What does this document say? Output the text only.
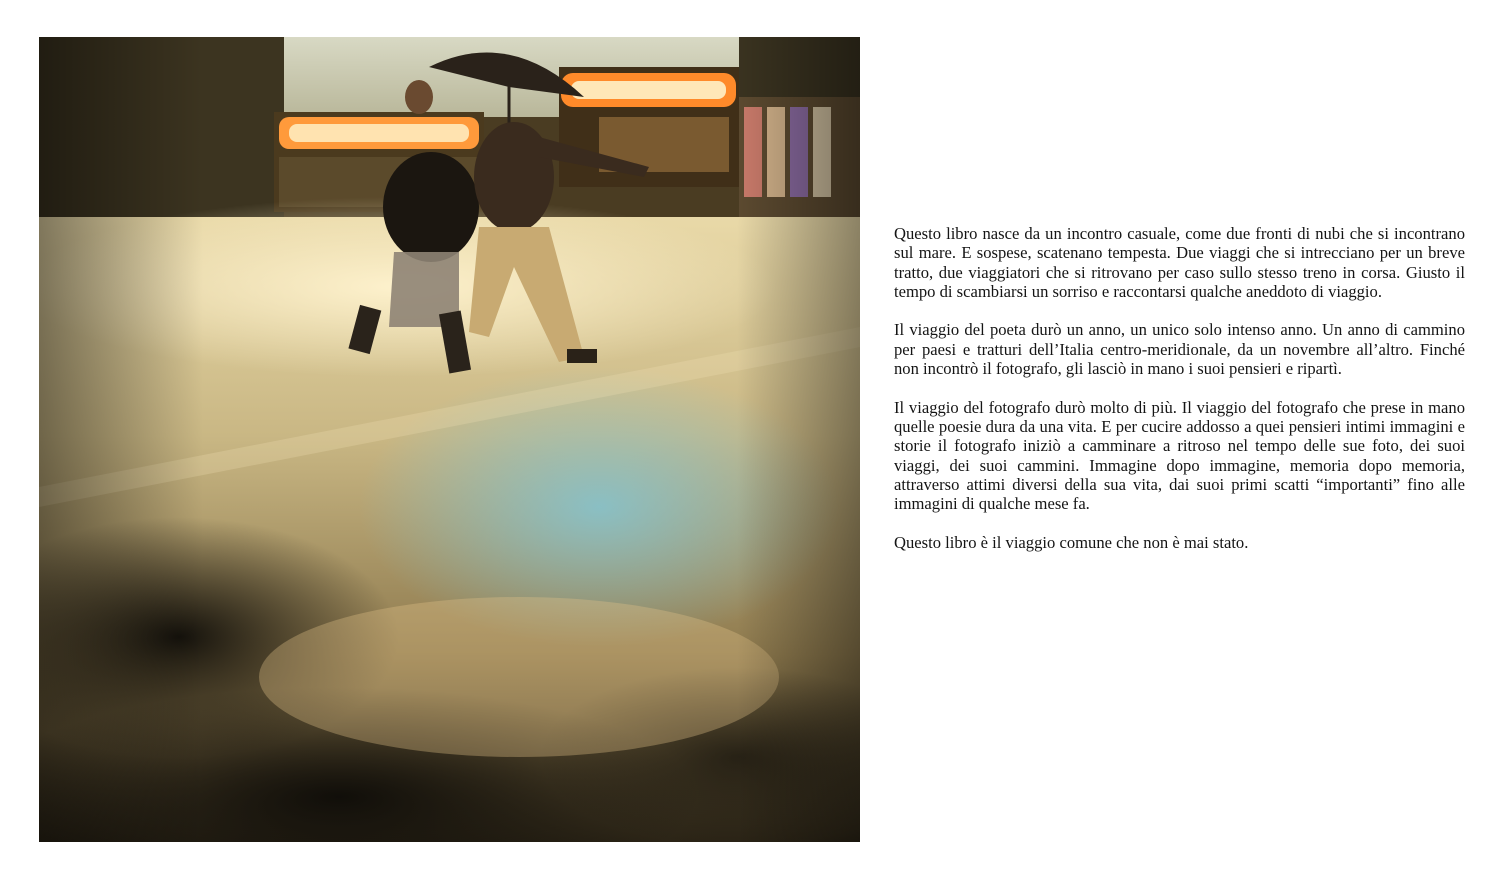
Questo libro nasce da un incontro casuale, come due fronti di nubi che si incontrano sul mare. E sospese, scatenano tempesta. Due viaggi che si intrecciano per un breve tratto, due viaggiatori che si ritrovano per caso sullo stesso treno in corsa. Giusto il tempo di scambiarsi un sorriso e raccontarsi qualche aneddoto di viaggio.

Il viaggio del poeta durò un anno, un unico solo intenso anno. Un anno di cammino per paesi e tratturi dell’Italia centro-meridionale, da un novembre all’altro. Finché non incontrò il fotografo, gli lasciò in mano i suoi pensieri e ripartì.

Il viaggio del fotografo durò molto di più. Il viaggio del fotografo che prese in mano quelle poesie dura da una vita. E per cucire addosso a quei pensieri intimi immagini e storie il fotografo iniziò a camminare a ritroso nel tempo delle sue foto, dei suoi viaggi, dei suoi cammini. Immagine dopo immagine, memoria dopo memoria, attraverso attimi diversi della sua vita, dai suoi primi scatti “importanti” fino alle immagini di qualche mese fa.

Questo libro è il viaggio comune che non è mai stato.
